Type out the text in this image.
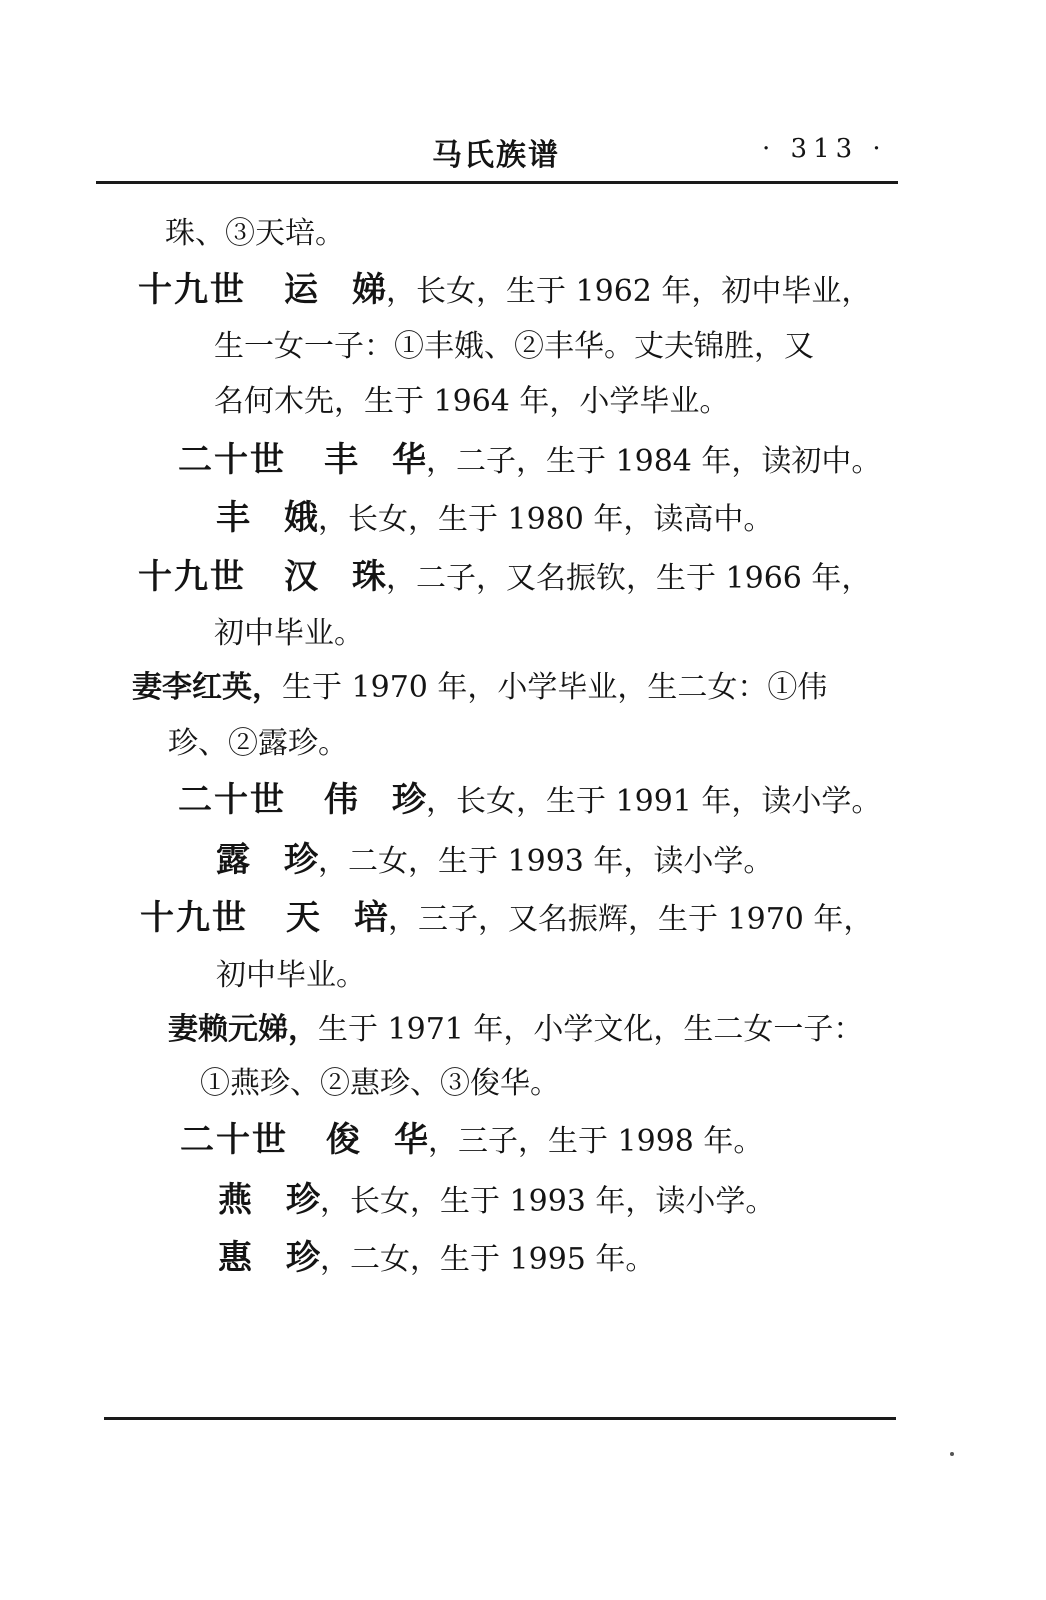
马氏族谱	· 313 ·
珠、③天培。
十九世 运　娣，长女，生于 1962 年，初中毕业，
生一女一子：①丰娥、②丰华。丈夫锦胜，又
名何木先，生于 1964 年，小学毕业。
二十世 丰　华，二子，生于 1984 年，读初中。
丰　娥，长女，生于 1980 年，读高中。
十九世 汉　珠，二子，又名振钦，生于 1966 年，
初中毕业。
妻李红英，生于 1970 年，小学毕业，生二女：①伟
珍、②露珍。
二十世 伟　珍，长女，生于 1991 年，读小学。
露　珍，二女，生于 1993 年，读小学。
十九世 天　培，三子，又名振辉，生于 1970 年，
初中毕业。
妻赖元娣，生于 1971 年，小学文化，生二女一子：
①燕珍、②惠珍、③俊华。
二十世 俊　华，三子，生于 1998 年。
燕　珍，长女，生于 1993 年，读小学。
惠　珍，二女，生于 1995 年。
